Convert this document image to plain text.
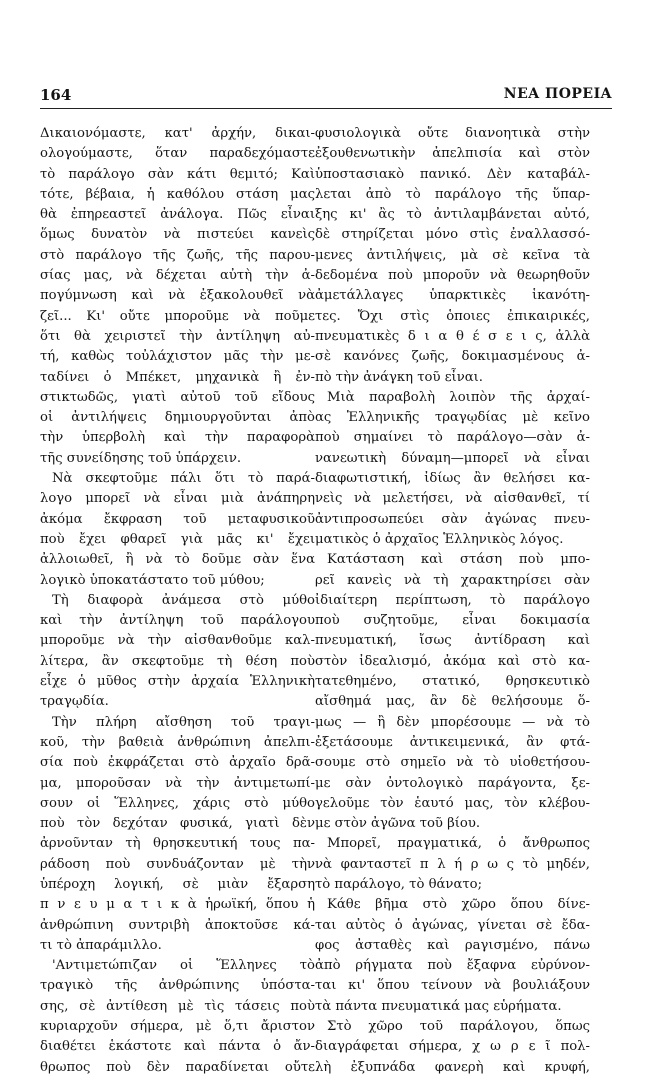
164	ΝΕΑ ΠΟΡΕΙΑ
Δικαιονόμαστε, κατ' ἀρχήν, δικαι-
ολογούμαστε, ὅταν παραδεχόμαστε
τὸ παράλογο σὰν κάτι θεμιτό; Καὶ
τότε, βέβαια, ἡ καθόλου στάση μας
θὰ ἐπηρεαστεῖ ἀνάλογα. Πῶς εἶναι
ὅμως δυνατὸν νὰ πιστεύει κανεὶς
στὸ παράλογο τῆς ζωῆς, τῆς παρου-
σίας μας, νὰ δέχεται αὐτὴ τὴν ἀ-
πογύμνωση καὶ νὰ ἐξακολουθεῖ νὰ
ζεῖ... Κι' οὔτε μποροῦμε νὰ ποῦμε
ὅτι θὰ χειριστεῖ τὴν ἀντίληψη αὐ-
τή, καθὼς τοὐλάχιστον μᾶς τὴν με-
ταδίνει ὁ Μπέκετ, μηχανικὰ ἢ ἐν-
στικτωδῶς, γιατὶ αὐτοῦ τοῦ εἴδους
οἱ ἀντιλήψεις δημιουργοῦνται ἀπὸ
τὴν ὑπερβολὴ καὶ τὴν παραφορὰ
τῆς συνείδησης τοῦ ὑπάρχειν.
Νὰ σκεφτοῦμε πάλι ὅτι τὸ παρά-
λογο μπορεῖ νὰ εἶναι μιὰ ἀνάπηρη
ἀκόμα ἔκφραση τοῦ μεταφυσικοῦ
ποὺ ἔχει φθαρεῖ γιὰ μᾶς κι' ἔχει
ἀλλοιωθεῖ, ἢ νὰ τὸ δοῦμε σὰν ἕνα
λογικὸ ὑποκατάστατο τοῦ μύθου;
Τὴ διαφορὰ ἀνάμεσα στὸ μύθο
καὶ τὴν ἀντίληψη τοῦ παράλογου
μποροῦμε νὰ τὴν αἰσθανθοῦμε καλ-
λίτερα, ἂν σκεφτοῦμε τὴ θέση ποὺ
εἶχε ὁ μῦθος στὴν ἀρχαία Ἑλληνικὴ
τραγῳδία.
Τὴν πλήρη αἴσθηση τοῦ τραγι-
κοῦ, τὴν βαθειὰ ἀνθρώπινη ἀπελπι-
σία ποὺ ἐκφράζεται στὸ ἀρχαῖο δρᾶ-
μα, μποροῦσαν νὰ τὴν ἀντιμετωπί-
σουν οἱ Ἕλληνες, χάρις στὸ μύθο
ποὺ τὸν δεχόταν φυσικά, γιατὶ δὲν
ἀρνοῦνταν τὴ θρησκευτική τους πα-
ράδοση ποὺ συνδυάζονταν μὲ τὴν
ὑπέροχη λογική, σὲ μιὰν ἔξαρση
π ν ε υ μ α τ ι κ ὰ ἡρωϊκή, ὅπου ἡ
ἀνθρώπινη συντριβὴ ἀποκτοῦσε κά-
τι τὸ ἀπαράμιλλο.
'Αντιμετώπιζαν οἱ Ἕλληνες τὸ
τραγικὸ τῆς ἀνθρώπινης ὑπόστα-
σης, σὲ ἀντίθεση μὲ τὶς τάσεις ποὺ
κυριαρχοῦν σήμερα, μὲ ὅ,τι ἄριστον
διαθέτει ἑκάστοτε καὶ πάντα ὁ ἄν-
θρωπος ποὺ δὲν παραδίνεται οὔτε
φυσιολογικὰ οὔτε διανοητικὰ στὴν
ἐξουθενωτικὴν ἀπελπισία καὶ στὸν
ὑποστασιακὸ πανικό. Δὲν καταβάλ-
λεται ἀπὸ τὸ παράλογο τῆς ὕπαρ-
ξης κι' ἂς τὸ ἀντιλαμβάνεται αὐτό,
δὲ στηρίζεται μόνο στὶς ἐναλλασσό-
μενες ἀντιλήψεις, μὰ σὲ κεῖνα τὰ
δεδομένα ποὺ μποροῦν νὰ θεωρηθοῦν
ἀμετάλλαγες ὑπαρκτικὲς ἱκανότη-
τες. Ὄχι στὶς ὁποιες ἐπικαιρικές,
πνευματικὲς δ ι α θ έ σ ε ι ς, ἀλλὰ
σὲ κανόνες ζωῆς, δοκιμασμένους ἀ-
πὸ τὴν ἀνάγκη τοῦ εἶναι.
Μιὰ παραβολὴ λοιπὸν τῆς ἀρχαί-
ας Ἑλληνικῆς τραγῳδίας μὲ κεῖνο
ποὺ σημαίνει τὸ παράλογο—σὰν ἀ-
νανεωτικὴ δύναμη—μπορεῖ νὰ εἶναι
διαφωτιστική, ἰδίως ἂν θελήσει κα-
νεὶς νὰ μελετήσει, νὰ αἰσθανθεῖ, τί
ἀντιπροσωπεύει σὰν ἀγώνας πνευ-
ματικὸς ὁ ἀρχαῖος Ἑλληνικὸς λόγος.
Κατάσταση καὶ στάση ποὺ μπο-
ρεῖ κανεὶς νὰ τὴ χαρακτηρίσει σὰν
ἰδιαίτερη περίπτωση, τὸ παράλογο
ποὺ συζητοῦμε, εἶναι δοκιμασία
πνευματική, ἴσως ἀντίδραση καὶ
στὸν ἰδεαλισμό, ἀκόμα καὶ στὸ κα-
τατεθημένο, στατικό, θρησκευτικὸ
αἴσθημά μας, ἂν δὲ θελήσουμε ὅ-
μως — ἢ δὲν μπορέσουμε — νὰ τὸ
ἐξετάσουμε ἀντικειμενικά, ἂν φτά-
σουμε στὸ σημεῖο νὰ τὸ υἱοθετήσου-
με σὰν ὀντολογικὸ παράγοντα, ξε-
γελοῦμε τὸν ἑαυτό μας, τὸν κλέβου-
με στὸν ἀγῶνα τοῦ βίου.
Μπορεῖ, πραγματικά, ὁ ἄνθρωπος
νὰ φανταστεῖ π λ ή ρ ω ς τὸ μηδέν,
τὸ παράλογο, τὸ θάνατο;
Κάθε βῆμα στὸ χῶρο ὅπου δίνε-
ται αὐτὸς ὁ ἀγώνας, γίνεται σὲ ἔδα-
φος ἀσταθὲς καὶ ρaγισμένο, πάνω
ἀπὸ ρήγματα ποὺ ἔξαφνα εὐρύνον-
ται κι' ὅπου τείνουν νὰ βουλιάξουν
τὰ πάντα πνευματικά μας εὑρήματα.
Στὸ χῶρο τοῦ παράλογου, ὅπως
διαγράφεται σήμερα, χ ω ρ ε ῖ πολ-
λὴ ἐξυπνάδα φανερὴ καὶ κρυφή,
